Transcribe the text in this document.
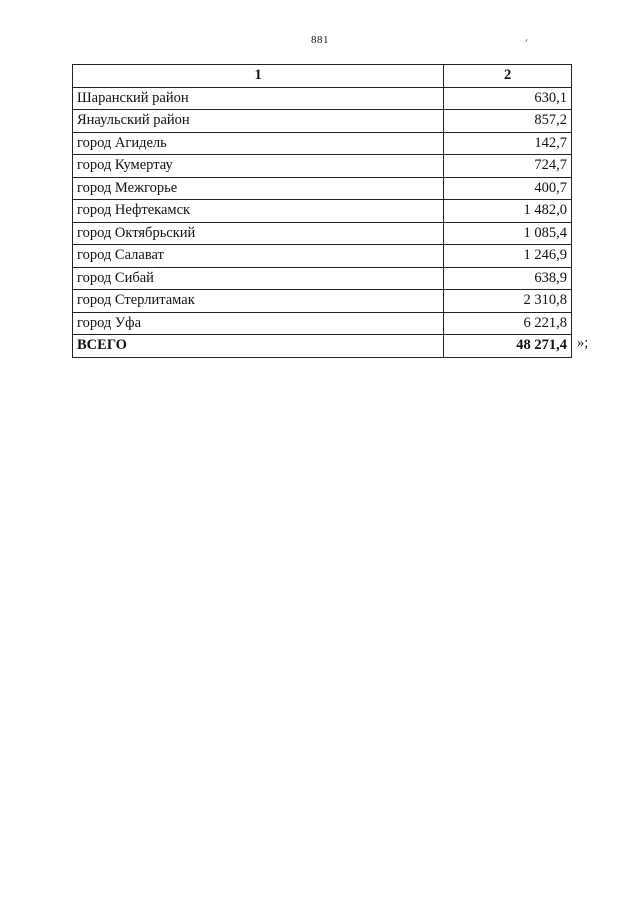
881
1	2
Шаранский район	630,1
Янаульский район	857,2
город Агидель	142,7
город Кумертау	724,7
город Межгорье	400,7
город Нефтекамск	1 482,0
город Октябрьский	1 085,4
город Салават	1 246,9
город Сибай	638,9
город Стерлитамак	2 310,8
город Уфа	6 221,8
ВСЕГО	48 271,4 »;
